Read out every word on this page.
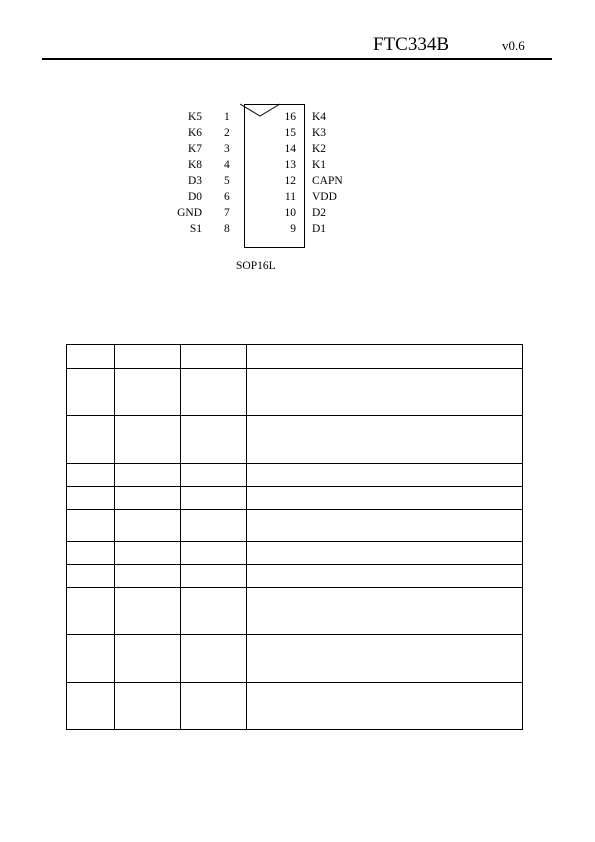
FTC334B	v0.6
K5 1
K6 2
K7 3
K8 4
D3 5
D0 6
GND 7
S1 8
16 K4
15 K3
14 K2
13 K1
12 CAPN
11 VDD
10 D2
9 D1
SOP16L
